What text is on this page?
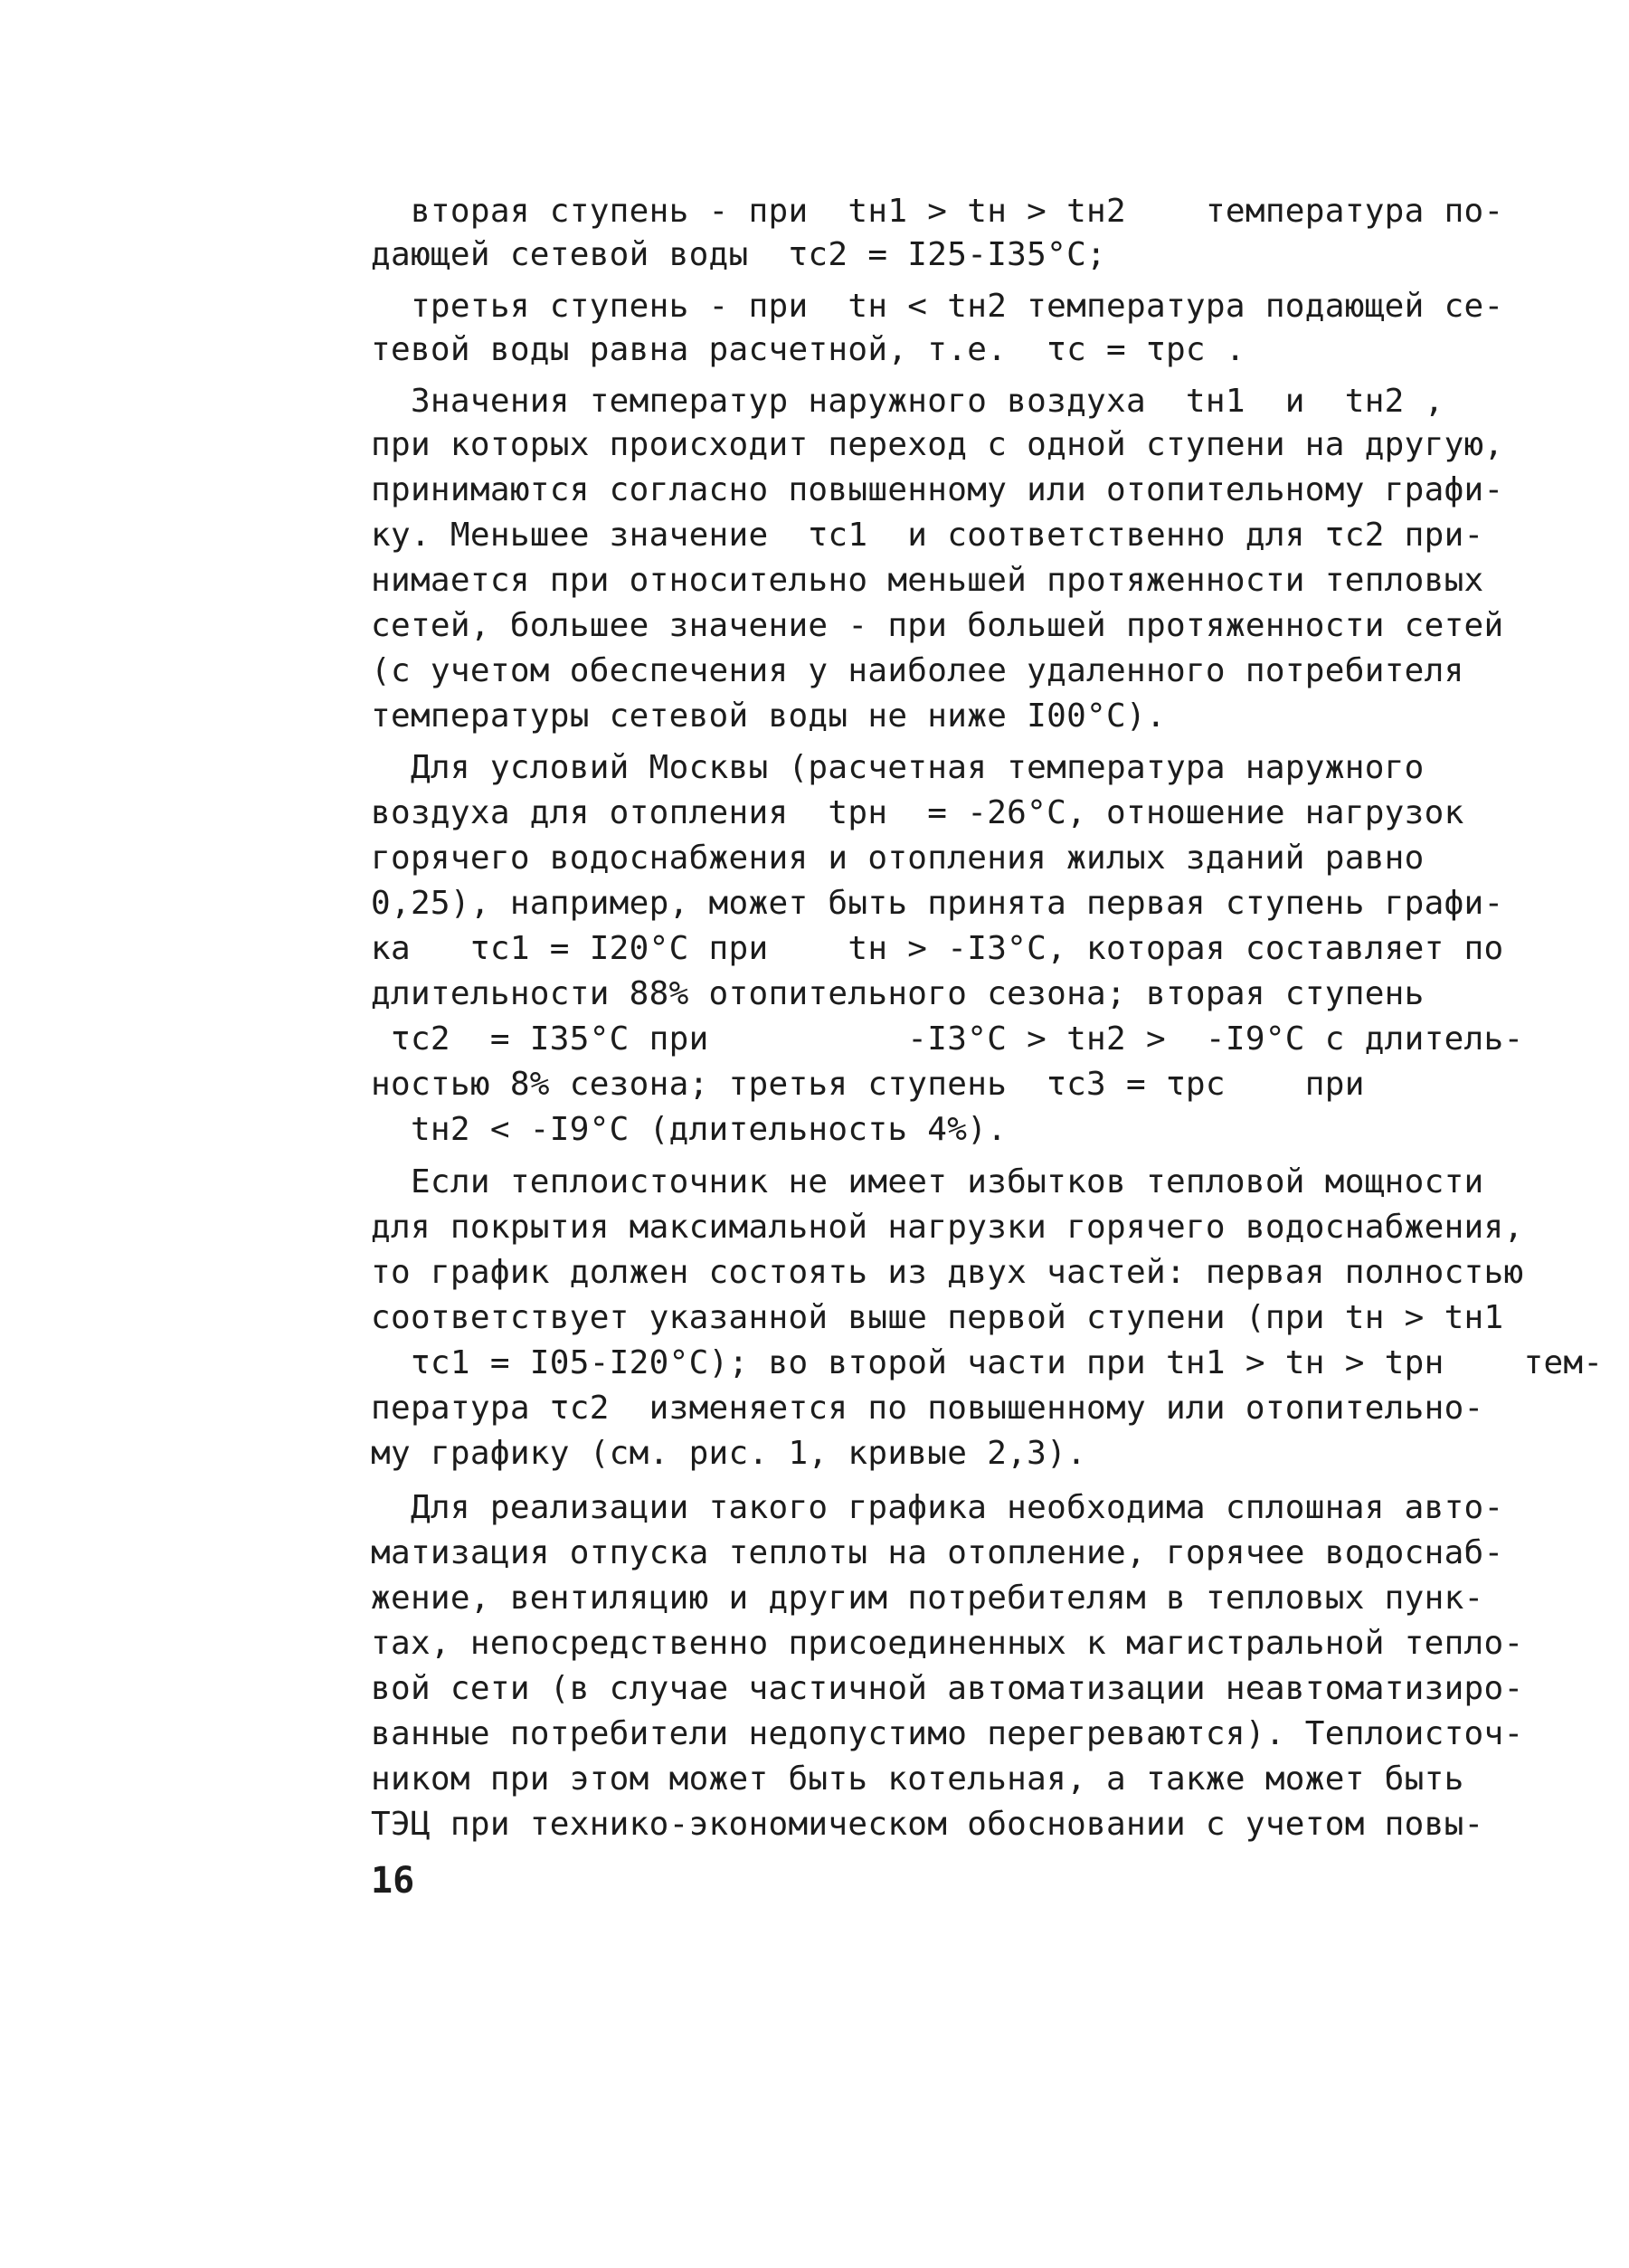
вторая ступень - при  tн1 > tн > tн2    температура по-
дающей сетевой воды  τс2 = I25-I35°С;
третья ступень - при  tн < tн2 температура подающей се-
тевой воды равна расчетной, т.е.  τс = τрс .
Значения температур наружного воздуха  tн1  и  tн2 ,
при которых происходит переход с одной ступени на другую,
принимаются согласно повышенному или отопительному графи-
ку. Меньшее значение  τс1  и соответственно для τс2 при-
нимается при относительно меньшей протяженности тепловых
сетей, большее значение - при большей протяженности сетей
(с учетом обеспечения у наиболее удаленного потребителя
температуры сетевой воды не ниже I00°С).
Для условий Москвы (расчетная температура наружного
воздуха для отопления  tрн  = -26°С, отношение нагрузок
горячего водоснабжения и отопления жилых зданий равно
0,25), например, может быть принята первая ступень графи-
ка   τс1 = I20°С при    tн > -I3°С, которая составляет по
длительности 88% отопительного сезона; вторая ступень
τс2  = I35°С при          -I3°С > tн2 >  -I9°С с длитель-
ностью 8% сезона; третья ступень  τс3 = τрс    при
tн2 < -I9°С (длительность 4%).
Если теплоисточник не имеет избытков тепловой мощности
для покрытия максимальной нагрузки горячего водоснабжения,
то график должен состоять из двух частей: первая полностью
соответствует указанной выше первой ступени (при tн > tн1
τс1 = I05-I20°С); во второй части при tн1 > tн > tрн    тем-
пература τс2  изменяется по повышенному или отопительно-
му графику (см. рис. 1, кривые 2,3).
Для реализации такого графика необходима сплошная авто-
матизация отпуска теплоты на отопление, горячее водоснаб-
жение, вентиляцию и другим потребителям в тепловых пунк-
тах, непосредственно присоединенных к магистральной тепло-
вой сети (в случае частичной автоматизации неавтоматизиро-
ванные потребители недопустимо перегреваются). Теплоисточ-
ником при этом может быть котельная, а также может быть
ТЭЦ при технико-экономическом обосновании с учетом повы-
16
